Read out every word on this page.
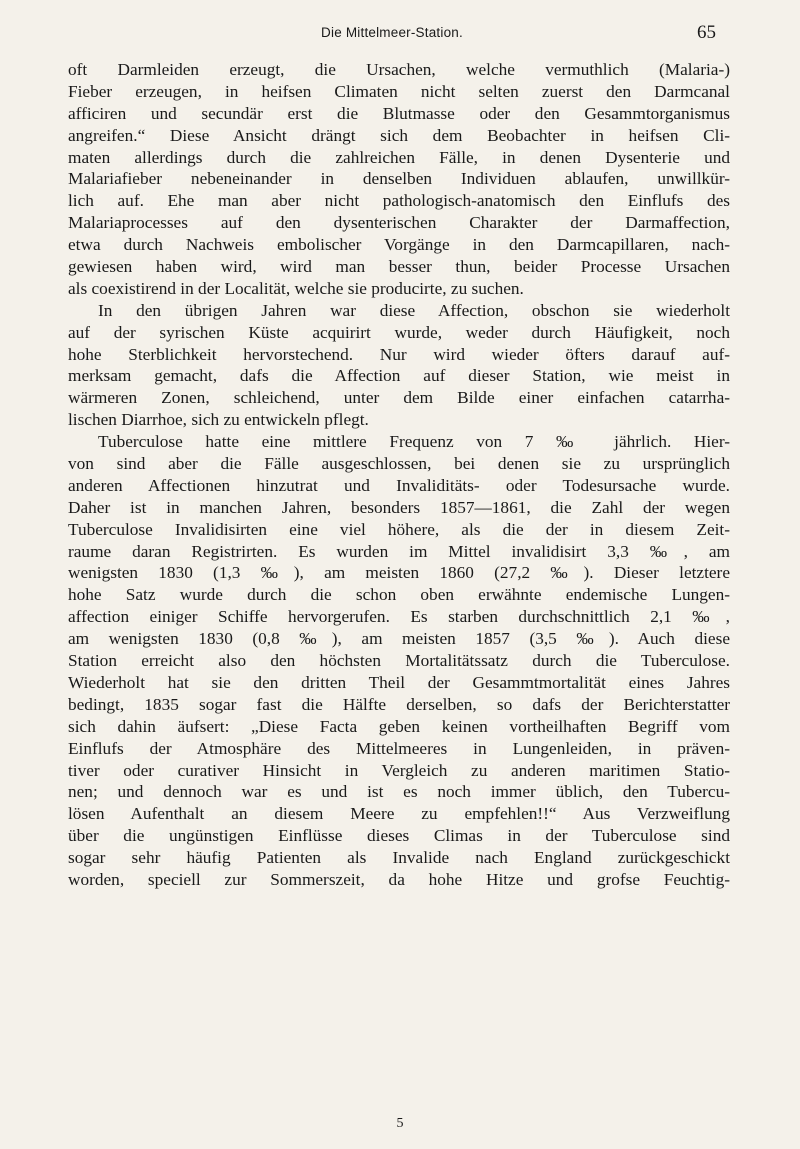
Die Mittelmeer-Station.	65
oft Darmleiden erzeugt, die Ursachen, welche vermuthlich (Malaria-)
Fieber erzeugen, in heifsen Climaten nicht selten zuerst den Darmcanal
afficiren und secundär erst die Blutmasse oder den Gesammtorganismus
angreifen.“ Diese Ansicht drängt sich dem Beobachter in heifsen Cli-
maten allerdings durch die zahlreichen Fälle, in denen Dysenterie und
Malariafieber nebeneinander in denselben Individuen ablaufen, unwillkür-
lich auf. Ehe man aber nicht pathologisch-anatomisch den Einflufs des
Malariaprocesses auf den dysenterischen Charakter der Darmaffection,
etwa durch Nachweis embolischer Vorgänge in den Darmcapillaren, nach-
gewiesen haben wird, wird man besser thun, beider Processe Ursachen
als coexistirend in der Localität, welche sie producirte, zu suchen.
In den übrigen Jahren war diese Affection, obschon sie wiederholt
auf der syrischen Küste acquirirt wurde, weder durch Häufigkeit, noch
hohe Sterblichkeit hervorstechend. Nur wird wieder öfters darauf auf-
merksam gemacht, dafs die Affection auf dieser Station, wie meist in
wärmeren Zonen, schleichend, unter dem Bilde einer einfachen catarrha-
lischen Diarrhoe, sich zu entwickeln pflegt.
Tuberculose hatte eine mittlere Frequenz von 7 ‰ jährlich. Hier-
von sind aber die Fälle ausgeschlossen, bei denen sie zu ursprünglich
anderen Affectionen hinzutrat und Invaliditäts- oder Todesursache wurde.
Daher ist in manchen Jahren, besonders 1857—1861, die Zahl der wegen
Tuberculose Invalidisirten eine viel höhere, als die der in diesem Zeit-
raume daran Registrirten. Es wurden im Mittel invalidisirt 3,3 ‰, am
wenigsten 1830 (1,3 ‰), am meisten 1860 (27,2 ‰). Dieser letztere
hohe Satz wurde durch die schon oben erwähnte endemische Lungen-
affection einiger Schiffe hervorgerufen. Es starben durchschnittlich 2,1 ‰,
am wenigsten 1830 (0,8 ‰), am meisten 1857 (3,5 ‰). Auch diese
Station erreicht also den höchsten Mortalitätssatz durch die Tuberculose.
Wiederholt hat sie den dritten Theil der Gesammtmortalität eines Jahres
bedingt, 1835 sogar fast die Hälfte derselben, so dafs der Berichterstatter
sich dahin äufsert: „Diese Facta geben keinen vortheilhaften Begriff vom
Einflufs der Atmosphäre des Mittelmeeres in Lungenleiden, in präven-
tiver oder curativer Hinsicht in Vergleich zu anderen maritimen Statio-
nen; und dennoch war es und ist es noch immer üblich, den Tubercu-
lösen Aufenthalt an diesem Meere zu empfehlen!!“ Aus Verzweiflung
über die ungünstigen Einflüsse dieses Climas in der Tuberculose sind
sogar sehr häufig Patienten als Invalide nach England zurückgeschickt
worden, speciell zur Sommerszeit, da hohe Hitze und grofse Feuchtig-
5
